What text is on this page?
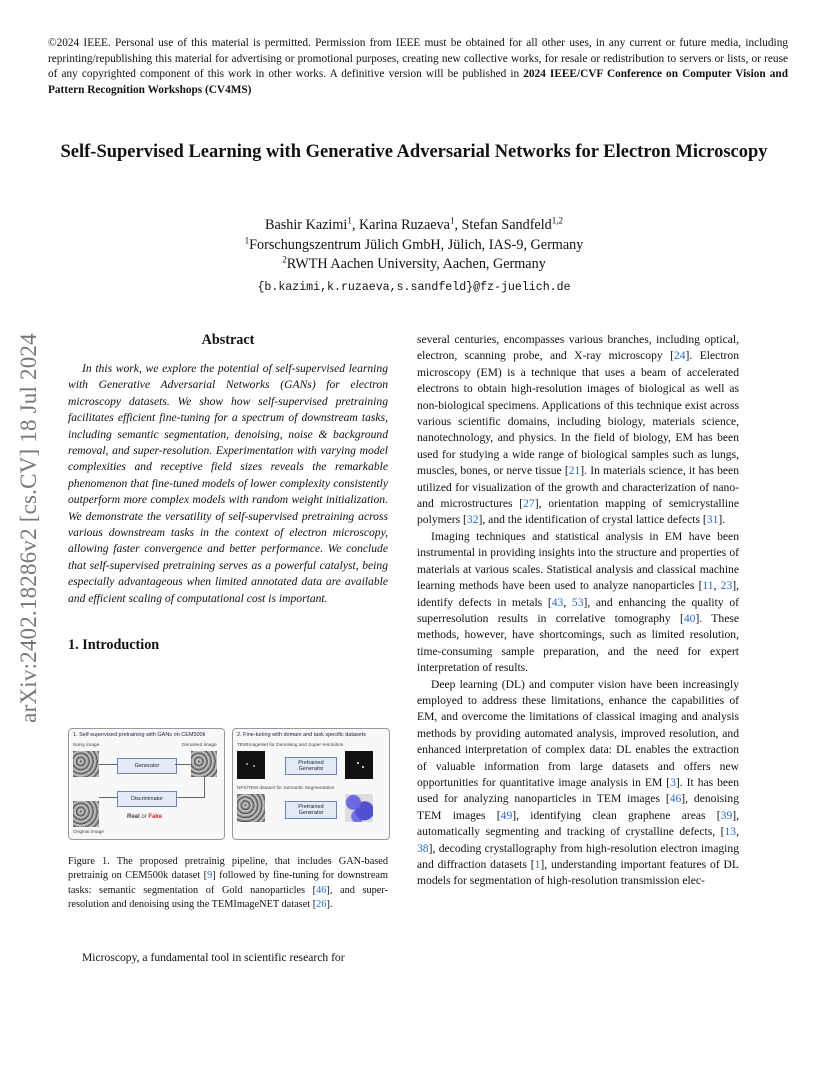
©2024 IEEE. Personal use of this material is permitted. Permission from IEEE must be obtained for all other uses, in any current or future media, including reprinting/republishing this material for advertising or promotional purposes, creating new collective works, for resale or redistribution to servers or lists, or reuse of any copyrighted component of this work in other works. A definitive version will be published in 2024 IEEE/CVF Conference on Computer Vision and Pattern Recognition Workshops (CV4MS)
arXiv:2402.18286v2 [cs.CV] 18 Jul 2024
Self-Supervised Learning with Generative Adversarial Networks for Electron Microscopy
Bashir Kazimi$^1$, Karina Ruzaeva$^1$, Stefan Sandfeld$^{1,2}$
$^1$Forschungszentrum Jülich GmbH, Jülich, IAS-9, Germany
$^2$RWTH Aachen University, Aachen, Germany
{b.kazimi,k.ruzaeva,s.sandfeld}@fz-juelich.de
Abstract

In this work, we explore the potential of self-supervised learning with Generative Adversarial Networks (GANs) for electron microscopy datasets. We show how self-supervised pretraining facilitates efficient fine-tuning for a spectrum of downstream tasks, including semantic segmentation, denoising, noise & background removal, and super-resolution. Experimentation with varying model complexities and receptive field sizes reveals the remarkable phenomenon that fine-tuned models of lower complexity consistently outperform more complex models with random weight initialization. We demonstrate the versatility of self-supervised pretraining across various downstream tasks in the context of electron microscopy, allowing faster convergence and better performance. We conclude that self-supervised pretraining serves as a powerful catalyst, being especially advantageous when limited annotated data are available and efficient scaling of computational cost is important.

1. Introduction
1. Self-supervised pretraining with GANs on CEM500k
Noisy image	Denoised image
Generator
Discriminator
Original image
Real or Fake
2. Fine-tuning with domain and task specific datasets
TEMImageNet for Denoising and Super-resolution
Pretrained Generator
NFS/TEM dataset for Semantic Segmentation
Pretrained Generator
Figure 1. The proposed pretrainig pipeline, that includes GAN-based pretrainig on CEM500k dataset [9] followed by fine-tuning for downstream tasks: semantic segmentation of Gold nanoparticles [46], and super-resolution and denoising using the TEMImageNET dataset [26].

Microscopy, a fundamental tool in scientific research for

several centuries, encompasses various branches, including optical, electron, scanning probe, and X-ray microscopy [24]. Electron microscopy (EM) is a technique that uses a beam of accelerated electrons to obtain high-resolution images of biological as well as non-biological specimens. Applications of this technique exist across various scientific domains, including biology, materials science, nanotechnology, and physics. In the field of biology, EM has been used for studying a wide range of biological samples such as lungs, muscles, bones, or nerve tissue [21]. In materials science, it has been utilized for visualization of the growth and characterization of nano- and microstructures [27], orientation mapping of semicrystalline polymers [32], and the identification of crystal lattice defects [31].

Imaging techniques and statistical analysis in EM have been instrumental in providing insights into the structure and properties of materials at various scales. Statistical analysis and classical machine learning methods have been used to analyze nanoparticles [11, 23], identify defects in metals [43, 53], and enhancing the quality of superresolution results in correlative tomography [40]. These methods, however, have shortcomings, such as limited resolution, time-consuming sample preparation, and the need for expert interpretation of results.

Deep learning (DL) and computer vision have been increasingly employed to address these limitations, enhance the capabilities of EM, and overcome the limitations of classical imaging and analysis methods by providing automated analysis, improved resolution, and enhanced interpretation of complex data: DL enables the extraction of valuable information from large datasets and offers new opportunities for quantitative image analysis in EM [3]. It has been used for analyzing nanoparticles in TEM images [46], denoising TEM images [49], identifying clean graphene areas [39], automatically segmenting and tracking of crystalline defects, [13, 38], decoding crystallography from high-resolution electron imaging and diffraction datasets [1], understanding important features of DL models for segmentation of high-resolution transmission elec-
